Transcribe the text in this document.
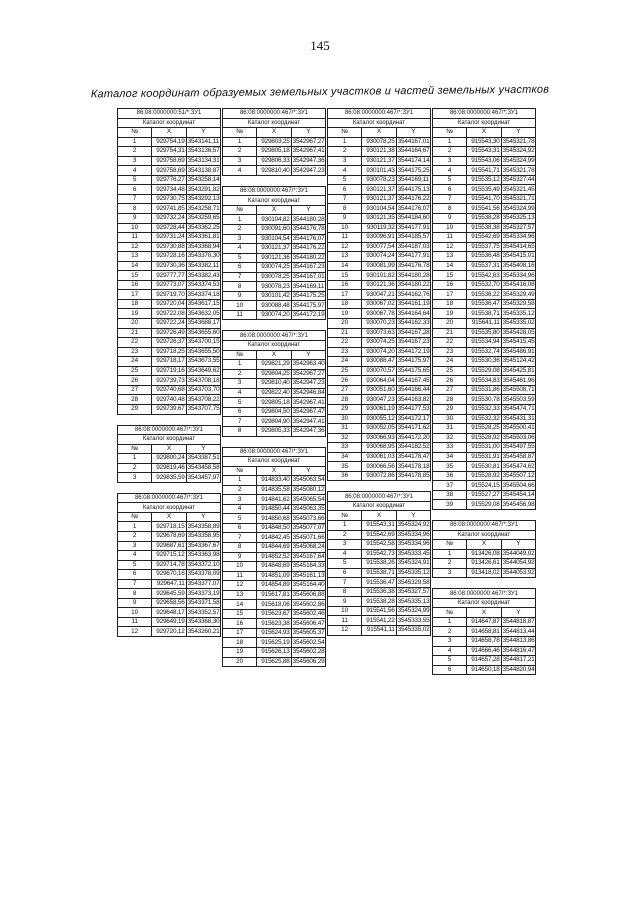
145
Каталог координат образуемых земельных участков и частей земельных участков
86:08:0000000:51/*:ЗУ1		
Каталог координат		
№	X	Y
1	929754,19	3543141,11
2	929754,31	3543136,57
3	929758,69	3543134,31
4	929758,69	3543138,87
5	929776,27	3543258,14
6	929734,48	3543291,82
7	929730,75	3543292,13
8	929741,85	3543258,71
9	929732,24	3543259,65
10	929728,44	3543362,25
11	929731,24	3543361,81
12	929730,88	3543368,94
13	929728,16	3543370,30
14	929730,36	3543382,11
15	929777,77	3543382,43
16	929773,07	3543374,53
17	929719,70	3543374,18
18	929720,04	3543617,15
19	929722,08	3543632,05
20	929722,24	3543688,17
21	929726,49	3543655,60
22	929726,37	3543700,15
23	929718,25	3543655,50
24	929718,17	3543673,55
25	929719,16	3543649,62
26	929739,73	3543708,18
27	929740,68	3543703,70
28	929740,48	3543708,22
29	929739,67	3543707,75
86:08:0000000:467/*:ЗУ1		
Каталог координат		
№	X	Y
1	929800,24	3543387,51
2	929819,46	3543458,58
3	929835,59	3543457,97
86:08:0000000:467/*:ЗУ1		
Каталог координат		
№	X	Y
1	929718,15	3543358,89
2	929678,69	3543358,95
3	929687,61	3543367,67
4	929715,12	3543363,98
5	929714,78	3543372,10
6	929670,16	3543378,09
7	929647,11	3543377,07
8	929645,59	3543373,19
9	929658,56	3543371,58
10	929648,17	3543352,57
11	929649,19	3543368,30
12	929720,12	3543260,21
86:08:0000000:467/*:ЗУ1		
Каталог координат		
№	X	Y
1	929803,25	3542967,27
2	929805,18	3542967,41
3	929806,33	3542947,36
4	929810,40	3542947,23
86:08:0000000:467/*:ЗУ1		
Каталог координат		
№	X	Y
1	930104,82	3544180,28
2	930091,60	3544176,78
3	930104,54	3544176,07
4	930121,37	3544176,22
5	930121,36	3544180,22
6	930074,25	3544167,23
7	930078,25	3544167,01
8	930078,23	3544169,11
9	930101,42	3544175,25
10	930088,48	3544175,97
11	930074,20	3544172,19
86:08:0000000:467/*:ЗУ1		
Каталог координат		
№	X	Y
1	929821,29	3542963,40
2	929804,25	3542967,27
3	929810,40	3542947,23
4	929822,40	3542946,84
5	929805,18	3542967,41
6	929804,50	3542967,47
7	929804,90	3542947,41
8	929805,33	3542947,36
86:08:0000000:467/*:ЗУ1		
Каталог координат		
№	X	Y
1	914833,40	3545063,54
2	914835,58	3545080,12
3	914841,62	3545065,54
4	914850,44	3545063,35
5	914850,68	3545073,66
6	914848,50	3545077,07
7	914842,45	3545071,66
8	914844,69	3545068,24
9	914852,52	3545167,64
10	914848,69	3545164,33
11	914851,09	3545161,13
12	914854,89	3545164,40
13	915617,81	3545606,88
14	915618,06	3545602,86
15	915623,67	3545602,46
16	915623,38	3545606,47
17	915624,93	3545605,37
18	915625,19	3545602,54
19	915626,13	3545602,28
20	915625,88	3545606,29
86:08:0000000:467/*:ЗУ1		
Каталог координат		
№	X	Y
1	930078,25	3544167,01
2	930121,38	3544164,67
3	930121,37	3544174,14
4	930101,43	3544175,25
5	930078,23	3544169,11
6	930121,37	3544175,13
7	930121,37	3544176,22
8	930104,54	3544176,07
9	930121,35	3544184,60
10	930119,32	3544177,91
11	930096,91	3544185,57
12	930077,54	3544187,03
13	930074,24	3544177,91
14	930081,99	3544176,78
15	930101,82	3544180,28
16	930121,36	3544180,22
17	930047,21	3544162,76
18	930067,02	3544161,19
19	930067,78	3544164,64
20	930070,23	3544162,33
21	930073,63	3544167,28
22	930074,25	3544167,23
23	930074,20	3544172,19
24	930088,47	3544175,97
25	930070,57	3544175,65
26	930064,04	3544167,45
27	930051,60	3544166,44
28	930047,23	3544163,82
29	930061,19	3544177,53
30	930055,12	3544172,17
31	930052,05	3544171,62
32	930066,93	3544172,20
33	930068,95	3544182,52
34	930061,03	3544178,47
35	930066,56	3544178,18
36	930072,86	3544178,85
86:08:0000000:467/*:ЗУ1		
Каталог координат		
№	X	Y
1	915543,31	3545324,92
2	915542,69	3545334,96
3	915542,58	3545334,96
4	915542,73	3545333,45
5	915538,26	3545324,91
6	915538,71	3545335,12
7	915536,47	3545329,58
8	915536,38	3545327,57
9	915538,28	3545335,13
10	915541,56	3545324,99
11	915541,22	3545333,55
12	915541,11	3545335,02
86:08:0000000:467/*:ЗУ1		
Каталог координат		
№	X	Y
1	915543,30	3545321,78
2	915543,31	3545324,92
3	915543,06	3545324,99
4	915541,71	3545321,78
5	915535,12	3545327,44
6	915535,49	3545321,45
7	915541,70	3545321,71
8	915541,56	3545324,99
9	915538,28	3545325,13
10	915538,38	3545327,57
11	915542,69	3545334,96
12	915537,75	3545414,65
13	915536,48	3545415,01
14	915537,31	3545408,16
15	915542,63	3545334,96
16	915532,70	3545416,08
17	915536,22	3545329,49
18	915536,47	3545329,58
19	915538,71	3545335,12
20	915641,11	3545335,02
21	915535,80	3545428,05
22	915534,94	3545415,45
23	915532,74	3545486,91
24	915530,36	3545124,42
25	915529,08	3545425,81
26	915534,83	3545461,96
27	915531,86	3545508,71
28	915530,78	3545503,59
29	915532,33	3545474,71
30	915532,32	3545431,31
31	915528,25	3545500,41
32	915528,92	3545503,06
33	915531,00	3545497,55
34	915531,91	3545458,87
35	915530,81	3545474,62
36	915528,92	3545507,12
37	915524,15	3545504,66
38	915527,27	3545454,14
39	915529,08	3545456,98
86:08:0000000:467/*:ЗУ1		
Каталог координат		
№	X	Y
1	913426,08	3544049,02
2	913426,61	3544054,92
3	913418,02	3544053,92
86:08:0000000:467/*:ЗУ1		
Каталог координат		
№	X	Y
1	914647,87	3544818,87
2	914658,81	3544813,44
3	914658,78	3544813,86
4	914666,46	3544816,47
5	914657,28	3544817,21
6	914650,18	3544820,94
